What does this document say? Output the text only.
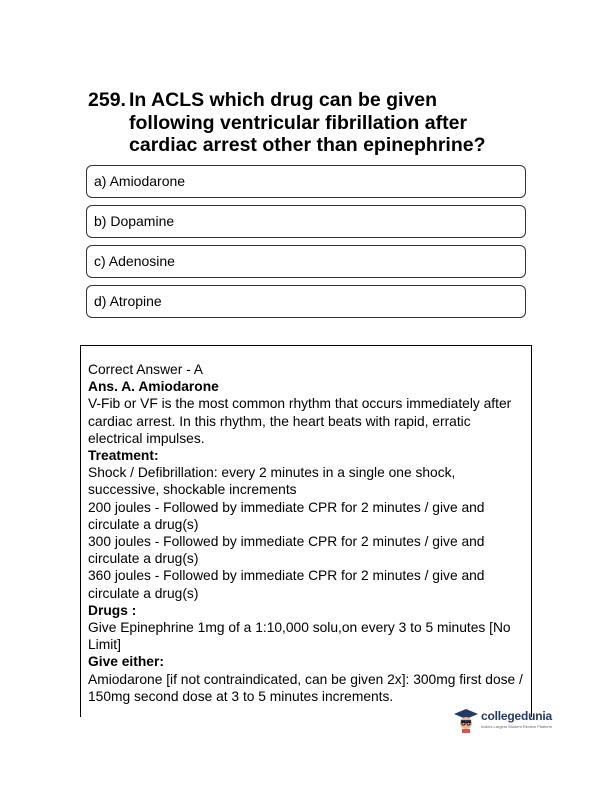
259. In ACLS which drug can be given following ventricular fibrillation after cardiac arrest other than epinephrine?
a) Amiodarone
b) Dopamine
c) Adenosine
d) Atropine
Correct Answer - A
Ans. A. Amiodarone
V-Fib or VF is the most common rhythm that occurs immediately after cardiac arrest. In this rhythm, the heart beats with rapid, erratic electrical impulses.
Treatment:
Shock / Defibrillation: every 2 minutes in a single one shock, successive, shockable increments
200 joules - Followed by immediate CPR for 2 minutes / give and circulate a drug(s)
300 joules - Followed by immediate CPR for 2 minutes / give and circulate a drug(s)
360 joules - Followed by immediate CPR for 2 minutes / give and circulate a drug(s)
Drugs :
Give Epinephrine 1mg of a 1:10,000 solu,on every 3 to 5 minutes [No Limit]
Give either:
Amiodarone [if not contraindicated, can be given 2x]: 300mg first dose / 150mg second dose at 3 to 5 minutes increments.
collegedunia
India's Largest Student Review Platform
